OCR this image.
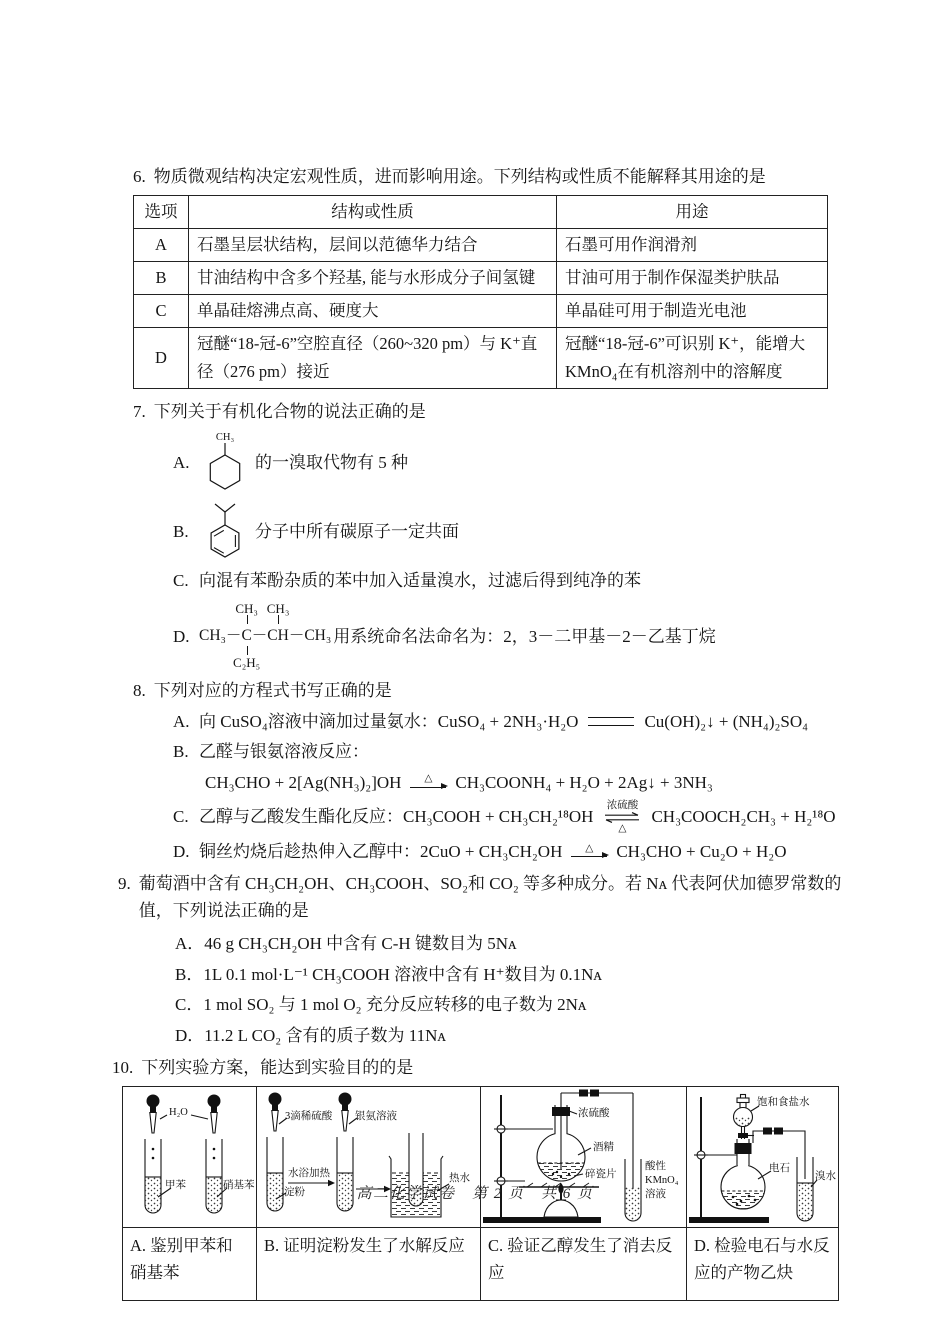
6. 物质微观结构决定宏观性质，进而影响用途。下列结构或性质不能解释其用途的是
选项	结构或性质	用途
A	石墨呈层状结构，层间以范德华力结合	石墨可用作润滑剂
B	甘油结构中含多个羟基, 能与水形成分子间氢键	甘油可用于制作保湿类护肤品
C	单晶硅熔沸点高、硬度大	单晶硅可用于制造光电池
D	冠醚“18-冠-6”空腔直径（260~320 pm）与 K⁺直径（276 pm）接近	冠醚“18-冠-6”可识别 K⁺，能增大 KMnO₄在有机溶剂中的溶解度
7. 下列关于有机化合物的说法正确的是
A.
CH₃
的一溴取代物有 5 种
B.	分子中所有碳原子一定共面
C. 向混有苯酚杂质的苯中加入适量溴水，过滤后得到纯净的苯
D. CH₃－
CH₃
C
C₂H₅
－
CH₃
CH －CH₃ 用系统命名法命名为：2，3－二甲基－2－乙基丁烷
8. 下列对应的方程式书写正确的是
A. 向 CuSO₄溶液中滴加过量氨水： CuSO₄ + 2NH₃·H₂O	Cu(OH)₂↓ + (NH₄)₂SO₄
B. 乙醛与银氨溶液反应：
CH₃CHO + 2[Ag(NH₃)₂]OH △ CH₃COONH₄ + H₂O + 2Ag↓ + 3NH₃
C. 乙醇与乙酸发生酯化反应： CH₃COOH + CH₃CH₂¹⁸OH
浓硫酸
△
CH₃COOCH₂CH₃ + H₂¹⁸O
D. 铜丝灼烧后趁热伸入乙醇中： 2CuO + CH₃CH₂OH △ CH₃CHO + Cu₂O + H₂O
9. 葡萄酒中含有 CH₃CH₂OH、CH₃COOH、SO₂和 CO₂ 等多种成分。若 Nᴀ 代表阿伏加德罗常数的值，下列说法正确的是
A． 46 g CH₃CH₂OH 中含有 C-H 键数目为 5Nᴀ
B． 1L 0.1 mol·L⁻¹ CH₃COOH 溶液中含有 H⁺数目为 0.1Nᴀ
C． 1 mol SO₂ 与 1 mol O₂ 充分反应转移的电子数为 2Nᴀ
D． 11.2 L CO₂ 含有的质子数为 11Nᴀ
10. 下列实验方案，能达到实验目的的是
H₂O
甲苯	硝基苯

3滴稀硫酸 银氨溶液
水浴加热
淀粉
热水

浓硫酸
酒精
碎瓷片
酸性
KMnO₄
溶液

饱和食盐水
电石
溴水

A. 鉴别甲苯和硝基苯	B. 证明淀粉发生了水解反应	C. 验证乙醇发生了消去反应	D. 检验电石与水反应的产物乙炔
高二化学试卷　第 2 页　共 6 页
